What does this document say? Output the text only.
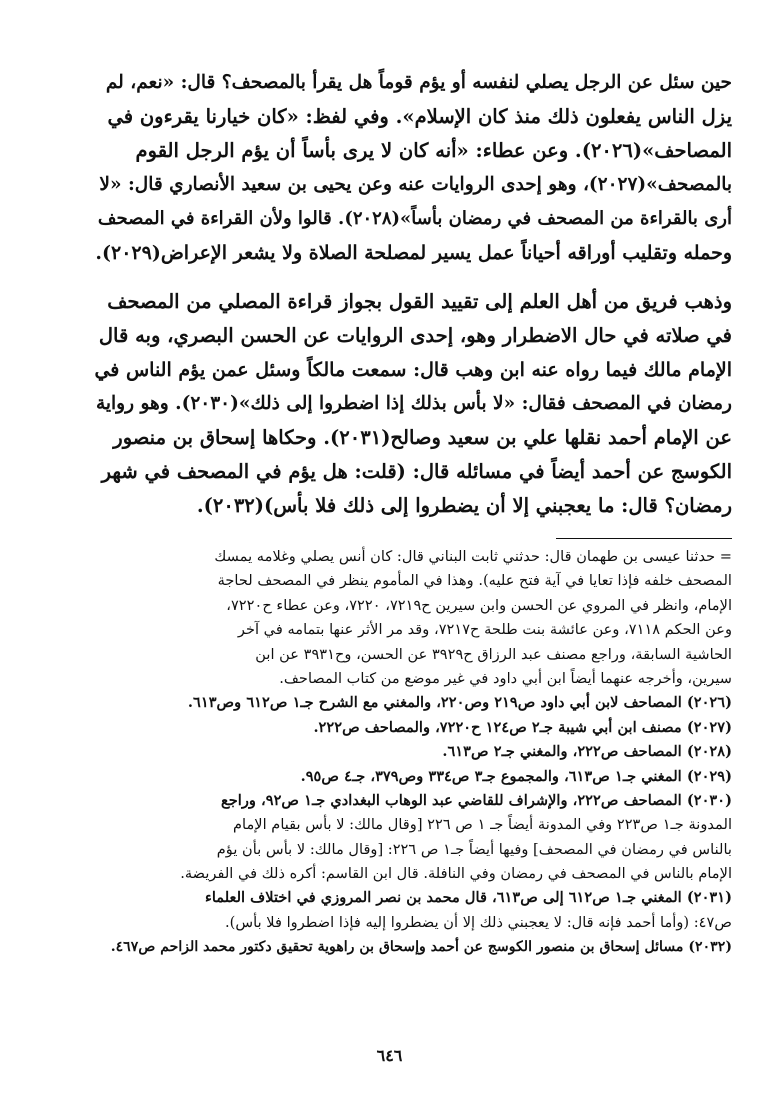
حين سئل عن الرجل يصلي لنفسه أو يؤم قوماً هل يقرأ بالمصحف؟ قال: «نعم، لم
يزل الناس يفعلون ذلك منذ كان الإسلام». وفي لفظ: «كان خيارنا يقرءون في
المصاحف»(٢٠٢٦). وعن عطاء: «أنه كان لا يرى بأساً أن يؤم الرجل القوم
بالمصحف»(٢٠٢٧)، وهو إحدى الروايات عنه وعن يحيى بن سعيد الأنصاري قال: «لا
أرى بالقراءة من المصحف في رمضان بأساً»(٢٠٢٨). قالوا ولأن القراءة في المصحف
وحمله وتقليب أوراقه أحياناً عمل يسير لمصلحة الصلاة ولا يشعر الإعراض(٢٠٢٩).
وذهب فريق من أهل العلم إلى تقييد القول بجواز قراءة المصلي من المصحف
في صلاته في حال الاضطرار وهو، إحدى الروايات عن الحسن البصري، وبه قال
الإمام مالك فيما رواه عنه ابن وهب قال: سمعت مالكاً وسئل عمن يؤم الناس في
رمضان في المصحف فقال: «لا بأس بذلك إذا اضطروا إلى ذلك»(٢٠٣٠). وهو رواية
عن الإمام أحمد نقلها علي بن سعيد وصالح(٢٠٣١). وحكاها إسحاق بن منصور
الكوسج عن أحمد أيضاً في مسائله قال: (قلت: هل يؤم في المصحف في شهر
رمضان؟ قال: ما يعجبني إلا أن يضطروا إلى ذلك فلا بأس)(٢٠٣٢).
= حدثنا عيسى بن طهمان قال: حدثني ثابت البناني قال: كان أنس يصلي وغلامه يمسك
المصحف خلفه فإذا تعايا في آية فتح عليه). وهذا في المأموم ينظر في المصحف لحاجة
الإمام، وانظر في المروي عن الحسن وابن سيرين ح٧٢١٩، ٧٢٢٠، وعن عطاء ح٧٢٢٠،
وعن الحكم ٧١١٨، وعن عائشة بنت طلحة ح٧٢١٧، وقد مر الأثر عنها بتمامه في آخر
الحاشية السابقة، وراجع مصنف عبد الرزاق ح٣٩٢٩ عن الحسن، وح٣٩٣١ عن ابن
سيرين، وأخرجه عنهما أيضاً ابن أبي داود في غير موضع من كتاب المصاحف.
(٢٠٢٦) المصاحف لابن أبي داود ص٢١٩ وص٢٢٠، والمغني مع الشرح جـ١ ص٦١٢ وص٦١٣.
(٢٠٢٧) مصنف ابن أبي شيبة جـ٢ ص١٢٤ ح٧٢٢٠، والمصاحف ص٢٢٢.
(٢٠٢٨) المصاحف ص٢٢٢، والمغني جـ٢ ص٦١٣.
(٢٠٢٩) المغني جـ١ ص٦١٣، والمجموع جـ٣ ص٣٣٤ وص٣٧٩، جـ٤ ص٩٥.
(٢٠٣٠) المصاحف ص٢٢٢، والإشراف للقاضي عبد الوهاب البغدادي جـ١ ص٩٢، وراجع
المدونة جـ١ ص٢٢٣ وفي المدونة أيضاً جـ ١ ص ٢٢٦ [وقال مالك: لا بأس بقيام الإمام
بالناس في رمضان في المصحف] وفيها أيضاً جـ١ ص ٢٢٦: [وقال مالك: لا بأس بأن يؤم
الإمام بالناس في المصحف في رمضان وفي النافلة. قال ابن القاسم: أكره ذلك في الفريضة.
(٢٠٣١) المغني جـ١ ص٦١٢ إلى ص٦١٣، قال محمد بن نصر المروزي في اختلاف العلماء
ص٤٧: (وأما أحمد فإنه قال: لا يعجبني ذلك إلا أن يضطروا إليه فإذا اضطروا فلا بأس).
(٢٠٣٢) مسائل إسحاق بن منصور الكوسج عن أحمد وإسحاق بن راهوية تحقيق دكتور محمد الزاحم ص٤٦٧.
٦٤٦
